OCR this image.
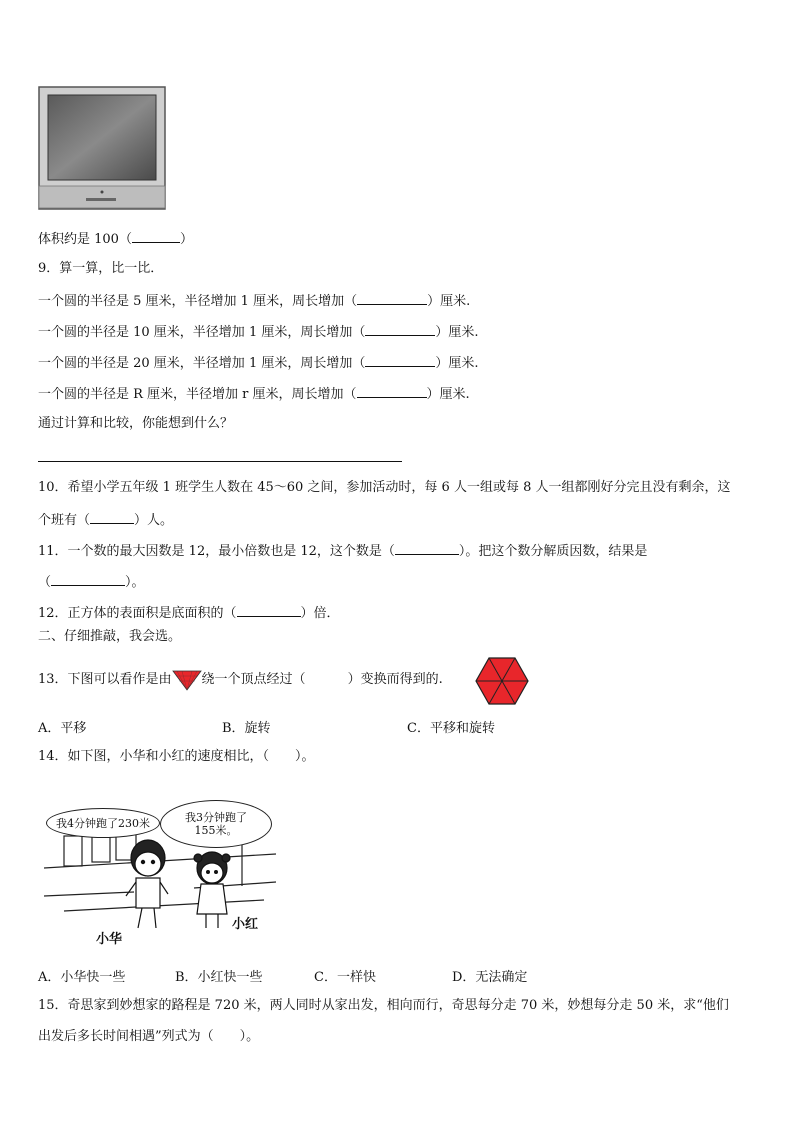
体积约是 100（	）
9．算一算，比一比．
一个圆的半径是 5 厘米，半径增加 1 厘米，周长增加（	）厘米.
一个圆的半径是 10 厘米，半径增加 1 厘米，周长增加（	）厘米.
一个圆的半径是 20 厘米，半径增加 1 厘米，周长增加（	）厘米.
一个圆的半径是 R 厘米，半径增加 r 厘米，周长增加（	）厘米.
通过计算和比较，你能想到什么？
10．希望小学五年级 1 班学生人数在 45～60 之间，参加活动时，每 6 人一组或每 8 人一组都刚好分完且没有剩余，这
个班有（	）人。
11．一个数的最大因数是 12，最小倍数也是 12，这个数是（	）。把这个数分解质因数，结果是
（	）。
12．正方体的表面积是底面积的（	）倍．
二、仔细推敲，我会选。
13．下图可以看作是由 绕一个顶点经过（	）变换而得到的.
A．平移	B．旋转	C．平移和旋转
14．如下图，小华和小红的速度相比，（　　）。
我4分钟跑了230米	我3分钟跑了
155米。
小华
小红
A．小华快一些	B．小红快一些	C．一样快	D．无法确定
15．奇思家到妙想家的路程是 720 米，两人同时从家出发，相向而行，奇思每分走 70 米，妙想每分走 50 米，求“他们
出发后多长时间相遇”列式为（　　）。
